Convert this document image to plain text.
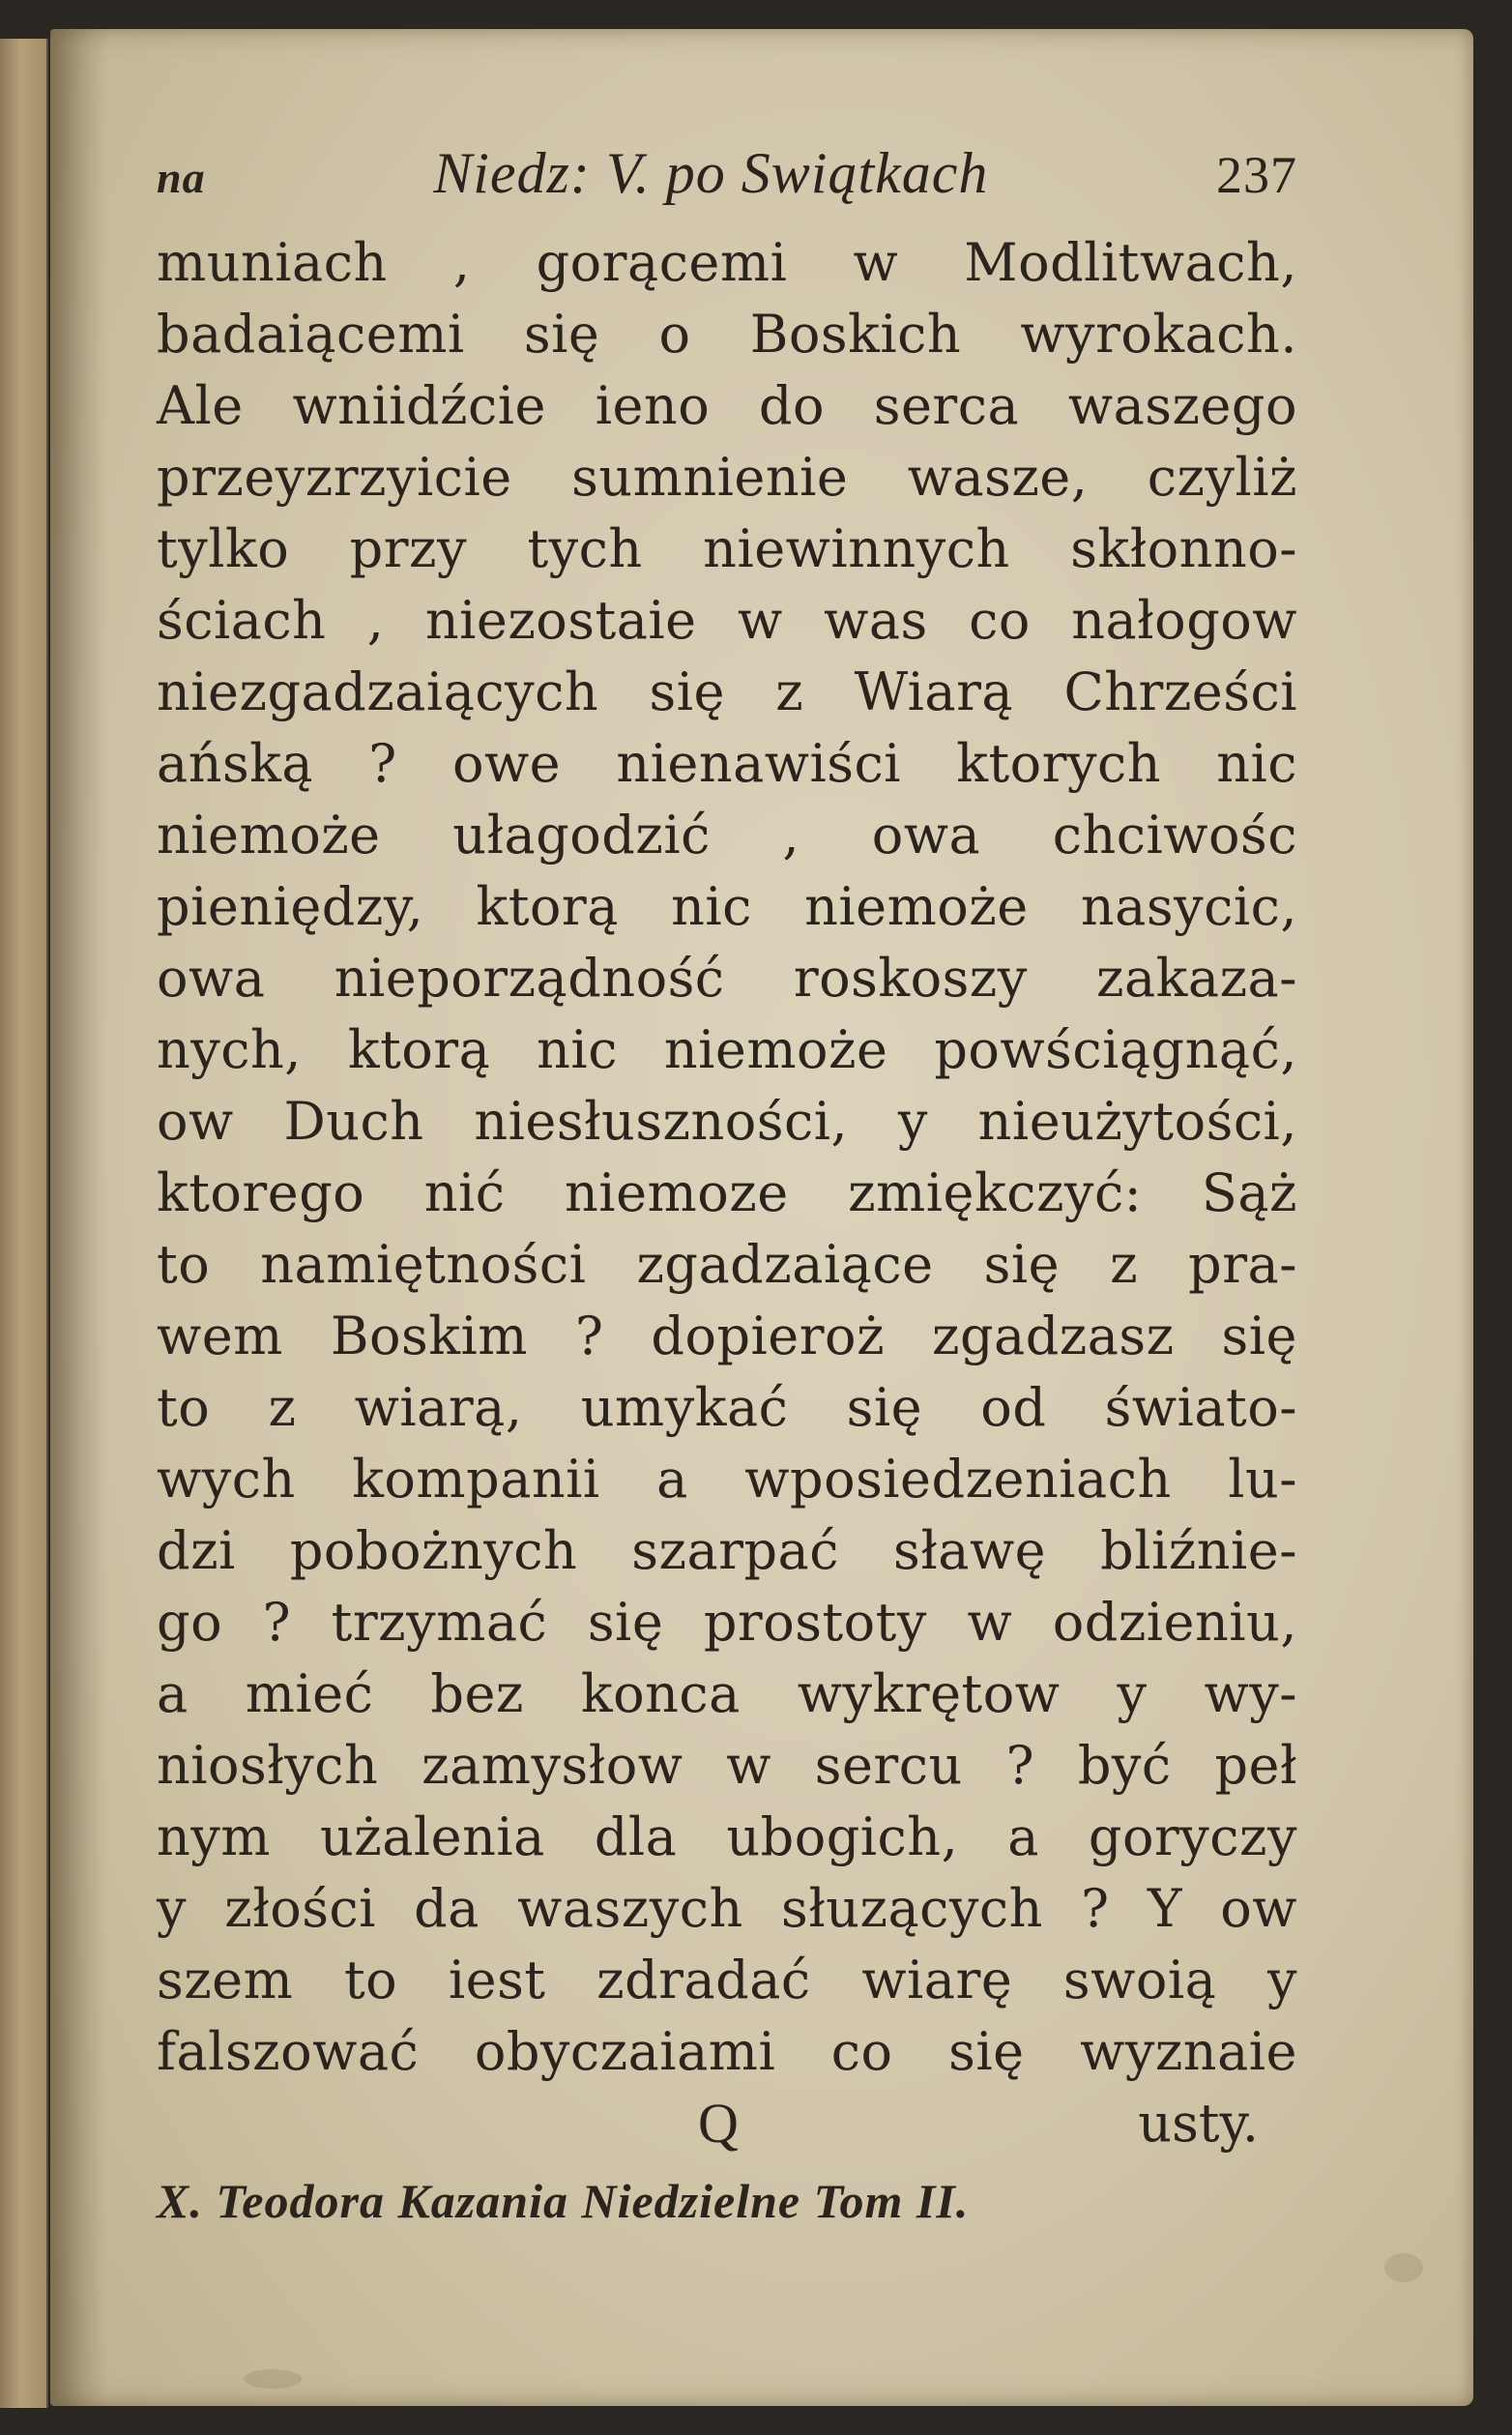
na	Niedz: V. po Swiątkach	237
muniach , gorącemi w Modlitwach,
badaiącemi się o Boskich wyrokach.
Ale wniidźcie ieno do serca waszego
przeyzrzyicie sumnienie wasze, czyliż
tylko przy tych niewinnych skłonno-
ściach , niezostaie w was co nałogow
niezgadzaiących się z Wiarą Chrześci
ańską ? owe nienawiści ktorych nic
niemoże ułagodzić , owa chciwośc
pieniędzy, ktorą nic niemoże nasycic,
owa nieporządność roskoszy zakaza-
nych, ktorą nic niemoże powściągnąć,
ow Duch niesłuszności, y nieużytości,
ktorego nić niemoze zmiękczyć: Sąż
to namiętności zgadzaiące się z pra-
wem Boskim ? dopieroż zgadzasz się
to z wiarą, umykać się od światо-
wych kompanii a wposiedzeniach lu-
dzi pobożnych szarpać sławę bliźnie-
go ? trzymać się prostoty w odzieniu,
a mieć bez konca wykrętow y wy-
niosłych zamysłow w sercu ? być peł
nym użalenia dla ubogich, a goryczy
y złości da waszych słuzących ? Y ow
szem to iest zdradać wiarę swoią y
falszować obyczaiami co się wyznaie
Q	usty.
X. Teodora Kazania Niedzielne Tom II.
